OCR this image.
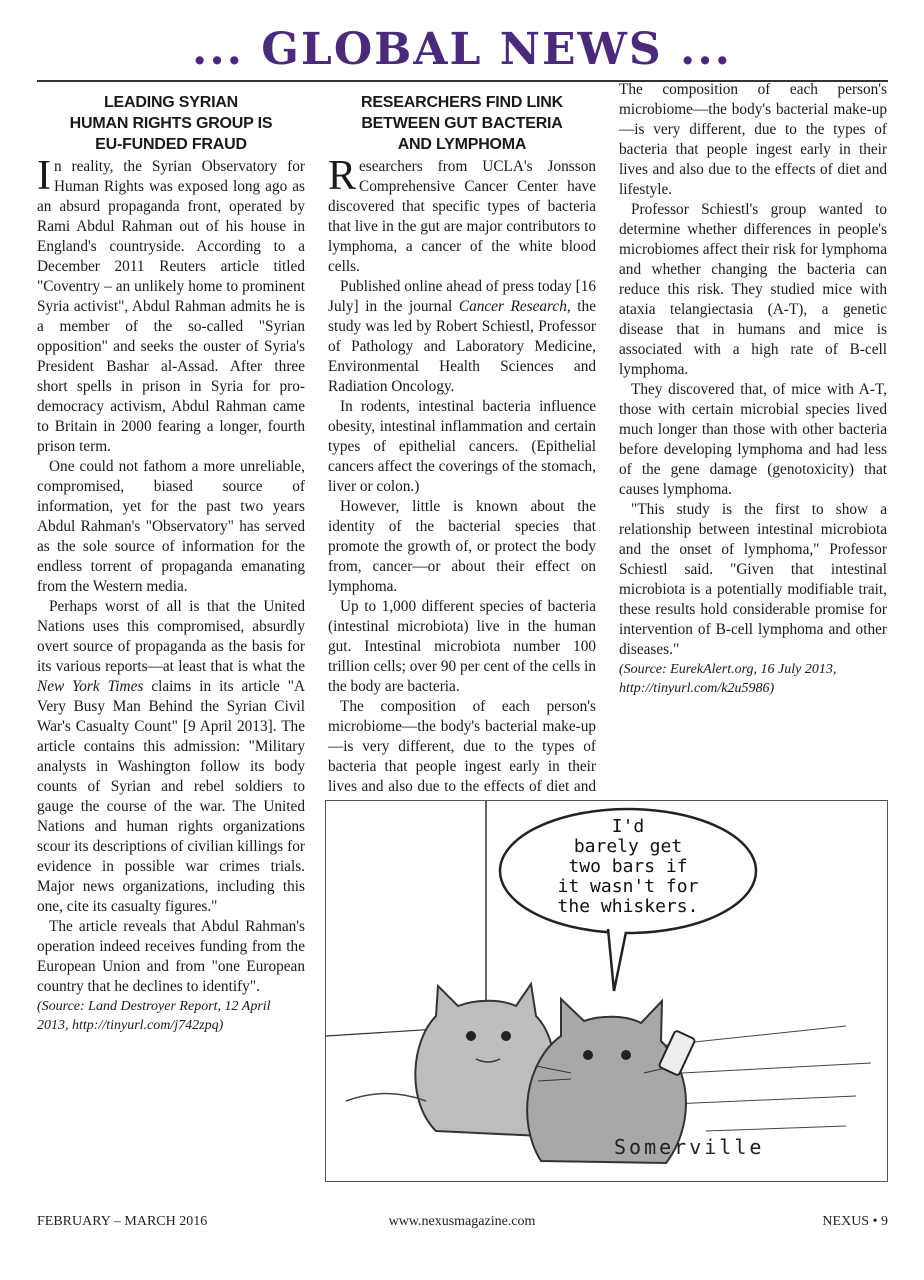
... GLOBAL NEWS ...
LEADING SYRIAN
HUMAN RIGHTS GROUP IS
EU-FUNDED FRAUD

In reality, the Syrian Observatory for Human Rights was exposed long ago as an absurd propaganda front, operated by Rami Abdul Rahman out of his house in England's countryside. According to a December 2011 Reuters article titled "Coventry – an unlikely home to prominent Syria activist", Abdul Rahman admits he is a member of the so-called "Syrian opposition" and seeks the ouster of Syria's President Bashar al-Assad. After three short spells in prison in Syria for pro-democracy activism, Abdul Rahman came to Britain in 2000 fearing a longer, fourth prison term.

One could not fathom a more unreliable, compromised, biased source of information, yet for the past two years Abdul Rahman's "Observatory" has served as the sole source of information for the endless torrent of propaganda emanating from the Western media.

Perhaps worst of all is that the United Nations uses this compromised, absurdly overt source of propaganda as the basis for its various reports—at least that is what the New York Times claims in its article "A Very Busy Man Behind the Syrian Civil War's Casualty Count" [9 April 2013]. The article contains this admission: "Military analysts in Washington follow its body counts of Syrian and rebel soldiers to gauge the course of the war. The United Nations and human rights organizations scour its descriptions of civilian killings for evidence in possible war crimes trials. Major news organizations, including this one, cite its casualty figures."

The article reveals that Abdul Rahman's operation indeed receives funding from the European Union and from "one European country that he declines to identify".

(Source: Land Destroyer Report, 12 April 2013, http://tinyurl.com/j742zpq)

RESEARCHERS FIND LINK
BETWEEN GUT BACTERIA
AND LYMPHOMA

Researchers from UCLA's Jonsson Comprehensive Cancer Center have discovered that specific types of bacteria that live in the gut are major contributors to lymphoma, a cancer of the white blood cells.

Published online ahead of press today [16 July] in the journal Cancer Research, the study was led by Robert Schiestl, Professor of Pathology and Laboratory Medicine, Environmental Health Sciences and Radiation Oncology.

In rodents, intestinal bacteria influence obesity, intestinal inflammation and certain types of epithelial cancers. (Epithelial cancers affect the coverings of the stomach, liver or colon.)

However, little is known about the identity of the bacterial species that promote the growth of, or protect the body from, cancer—or about their effect on lymphoma.

Up to 1,000 different species of bacteria (intestinal microbiota) live in the human gut. Intestinal microbiota number 100 trillion cells; over 90 per cent of the cells in the body are bacteria.

The composition of each person's microbiome—the body's bacterial make-up—is very different, due to the types of bacteria that people ingest early in their lives and also due to the effects of diet and

The composition of each person's microbiome—the body's bacterial make-up—is very different, due to the types of bacteria that people ingest early in their lives and also due to the effects of diet and lifestyle.

Professor Schiestl's group wanted to determine whether differences in people's microbiomes affect their risk for lymphoma and whether changing the bacteria can reduce this risk. They studied mice with ataxia telangiectasia (A-T), a genetic disease that in humans and mice is associated with a high rate of B-cell lymphoma.

They discovered that, of mice with A-T, those with certain microbial species lived much longer than those with other bacteria before developing lymphoma and had less of the gene damage (genotoxicity) that causes lymphoma.

"This study is the first to show a relationship between intestinal microbiota and the onset of lymphoma," Professor Schiestl said. "Given that intestinal microbiota is a potentially modifiable trait, these results hold considerable promise for intervention of B-cell lymphoma and other diseases."

(Source: EurekAlert.org, 16 July 2013, http://tinyurl.com/k2u5986)

I'd
barely get
two bars if
it wasn't for
the whiskers.
Somerville
FEBRUARY – MARCH 2016	www.nexusmagazine.com	NEXUS • 9
